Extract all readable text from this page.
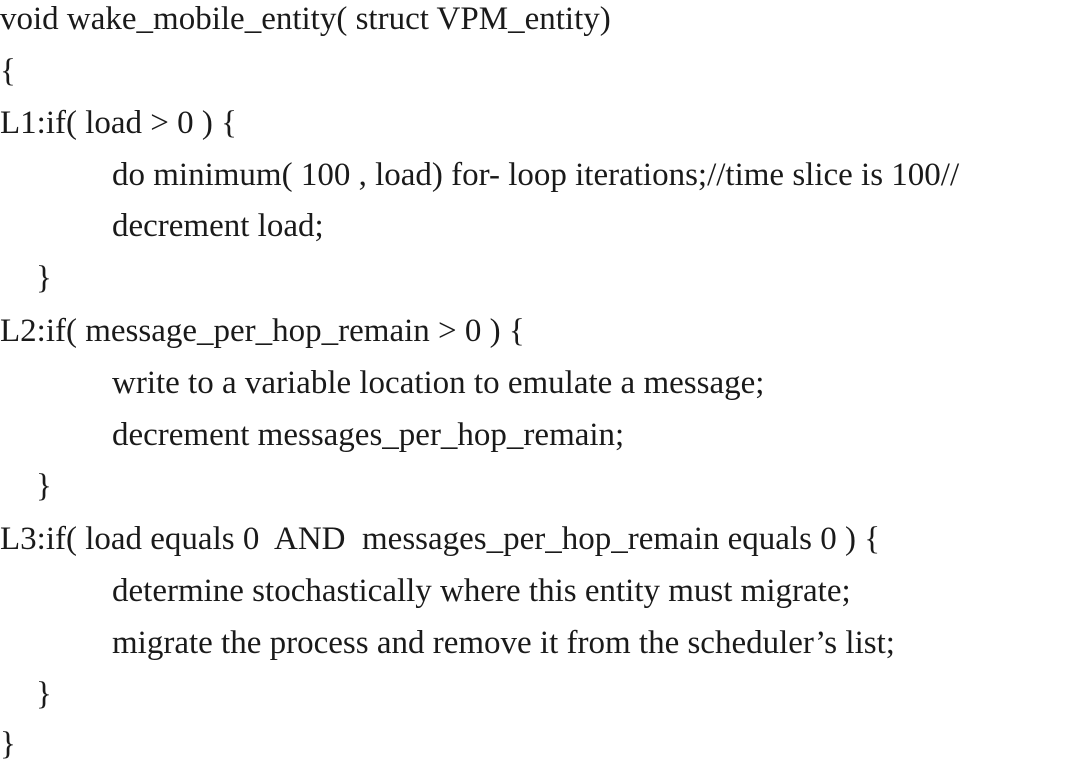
void wake_mobile_entity( struct VPM_entity)
{
L1:if( load > 0 ) {
do minimum( 100 , load) for- loop iterations;//time slice is 100//
decrement load;
}
L2:if( message_per_hop_remain > 0 ) {
write to a variable location to emulate a message;
decrement messages_per_hop_remain;
}
L3:if( load equals 0  AND  messages_per_hop_remain equals 0 ) {
determine stochastically where this entity must migrate;
migrate the process and remove it from the scheduler’s list;
}
}
